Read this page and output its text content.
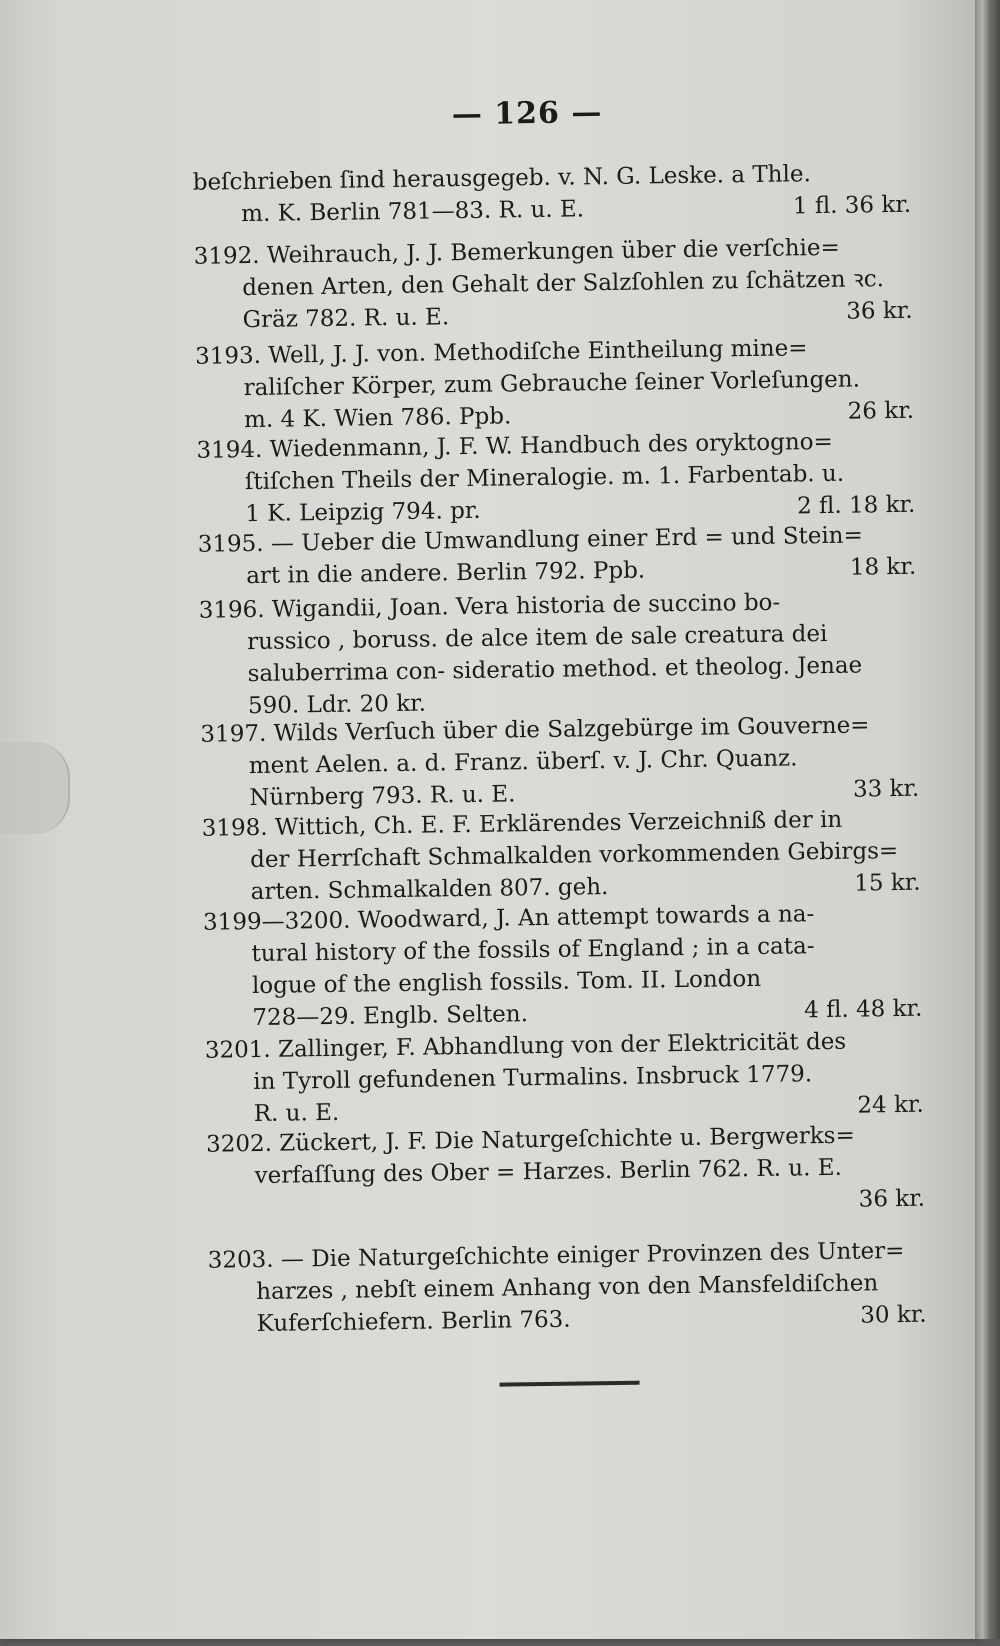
— 126 —
beſchrieben ſind herausgegeb. v. N. G. Leske. a Thle.
m. K. Berlin 781—83. R. u. E.	1 fl. 36 kr.
3192. Weihrauch, J. J. Bemerkungen über die verſchie=
denen Arten, den Gehalt der Salzſohlen zu ſchätzen ꝛc.
Gräz 782. R. u. E.	36 kr.
3193. Well, J. J. von. Methodiſche Eintheilung mine=
raliſcher Körper, zum Gebrauche ſeiner Vorleſungen.
m. 4 K. Wien 786. Ppb.	26 kr.
3194. Wiedenmann, J. F. W. Handbuch des oryktogno=
ſtiſchen Theils der Mineralogie. m. 1. Farbentab. u.
1 K. Leipzig 794. pr.	2 fl. 18 kr.
3195. — Ueber die Umwandlung einer Erd = und Stein=
art in die andere. Berlin 792. Ppb.	18 kr.
3196. Wigandii, Joan. Vera historia de succino bo-
russico , boruss. de alce item de sale creatura dei
saluberrima con- sideratio method. et theolog. Jenae
590. Ldr. 20 kr.
3197. Wilds Verſuch über die Salzgebürge im Gouverne=
ment Aelen. a. d. Franz. überſ. v. J. Chr. Quanz.
Nürnberg 793. R. u. E.	33 kr.
3198. Wittich, Ch. E. F. Erklärendes Verzeichniß der in
der Herrſchaft Schmalkalden vorkommenden Gebirgs=
arten. Schmalkalden 807. geh.	15 kr.
3199—3200. Woodward, J. An attempt towards a na-
tural history of the fossils of England ; in a cata-
logue of the english fossils. Tom. II. London
728—29. Englb. Selten.	4 fl. 48 kr.
3201. Zallinger, F. Abhandlung von der Elektricität des
in Tyroll gefundenen Turmalins. Insbruck 1779.
R. u. E.	24 kr.
3202. Zückert, J. F. Die Naturgeſchichte u. Bergwerks=
verfaſſung des Ober = Harzes. Berlin 762. R. u. E.
36 kr.
3203. — Die Naturgeſchichte einiger Provinzen des Unter=
harzes , nebſt einem Anhang von den Mansfeldiſchen
Kuferſchiefern. Berlin 763.	30 kr.
